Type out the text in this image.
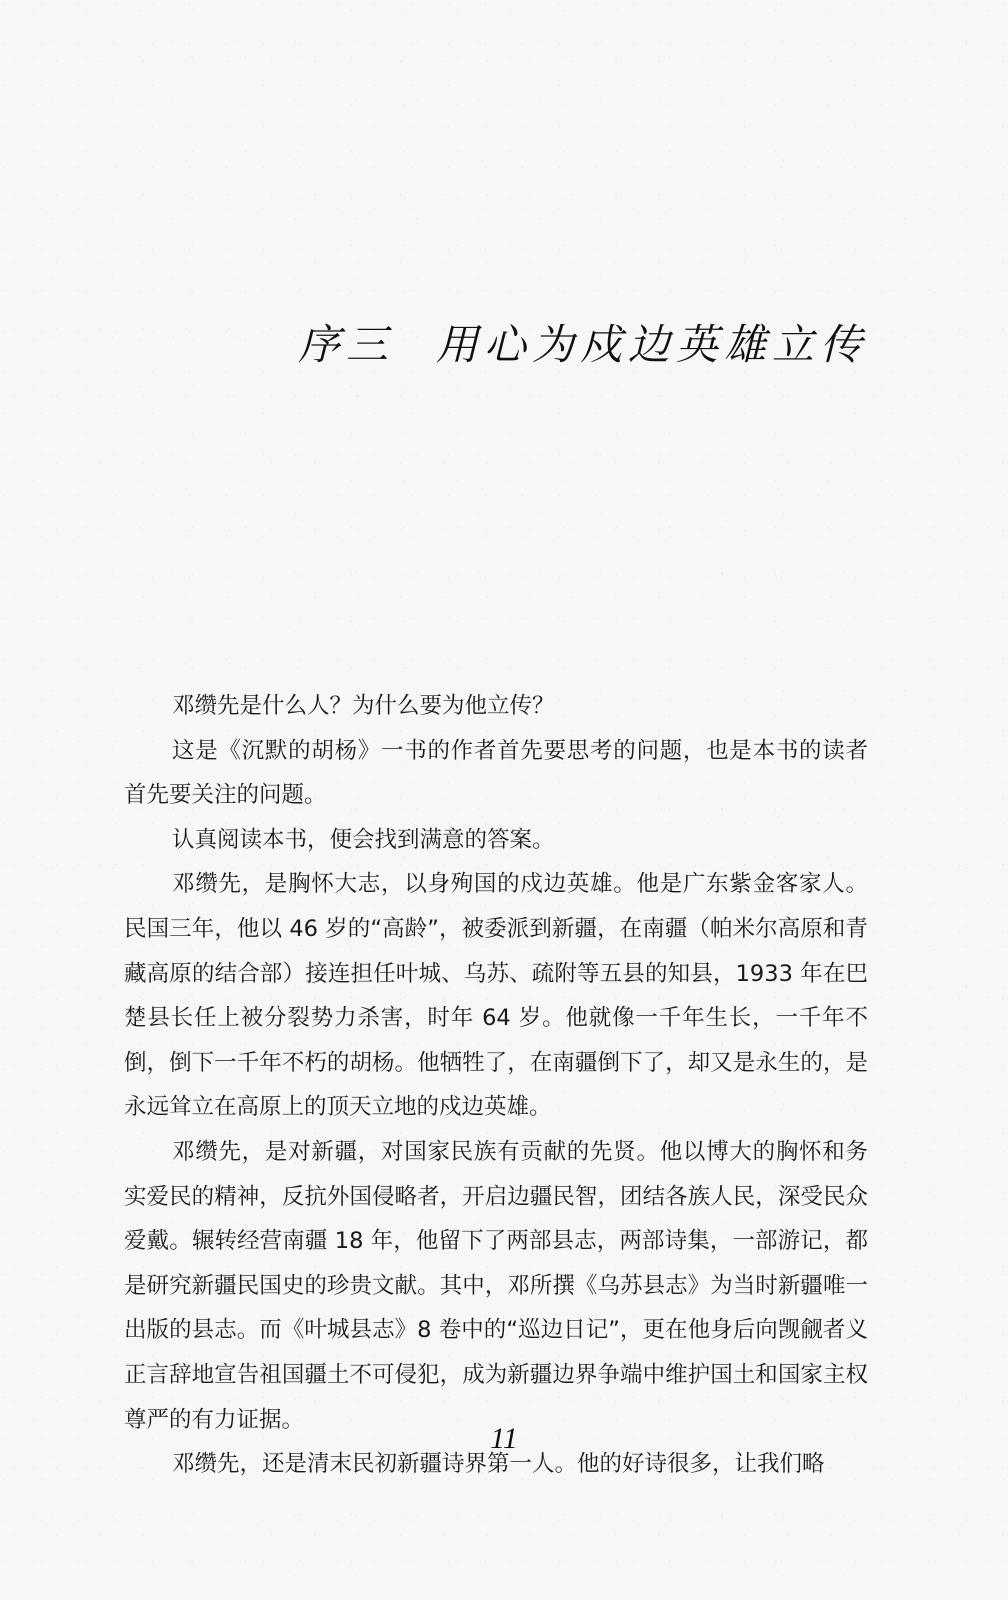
序三 用心为戍边英雄立传

邓缵先是什么人？为什么要为他立传？

这是《沉默的胡杨》一书的作者首先要思考的问题，也是本书的读者首先要关注的问题。

认真阅读本书，便会找到满意的答案。

邓缵先，是胸怀大志，以身殉国的戍边英雄。他是广东紫金客家人。民国三年，他以 46 岁的“高龄”，被委派到新疆，在南疆（帕米尔高原和青藏高原的结合部）接连担任叶城、乌苏、疏附等五县的知县，1933 年在巴楚县长任上被分裂势力杀害，时年 64 岁。他就像一千年生长，一千年不倒，倒下一千年不朽的胡杨。他牺牲了，在南疆倒下了，却又是永生的，是永远耸立在高原上的顶天立地的戍边英雄。

邓缵先，是对新疆，对国家民族有贡献的先贤。他以博大的胸怀和务实爱民的精神，反抗外国侵略者，开启边疆民智，团结各族人民，深受民众爱戴。辗转经营南疆 18 年，他留下了两部县志，两部诗集，一部游记，都是研究新疆民国史的珍贵文献。其中，邓所撰《乌苏县志》为当时新疆唯一出版的县志。而《叶城县志》8 卷中的“巡边日记”，更在他身后向觊觎者义正言辞地宣告祖国疆土不可侵犯，成为新疆边界争端中维护国土和国家主权尊严的有力证据。

邓缵先，还是清末民初新疆诗界第一人。他的好诗很多，让我们略

11
